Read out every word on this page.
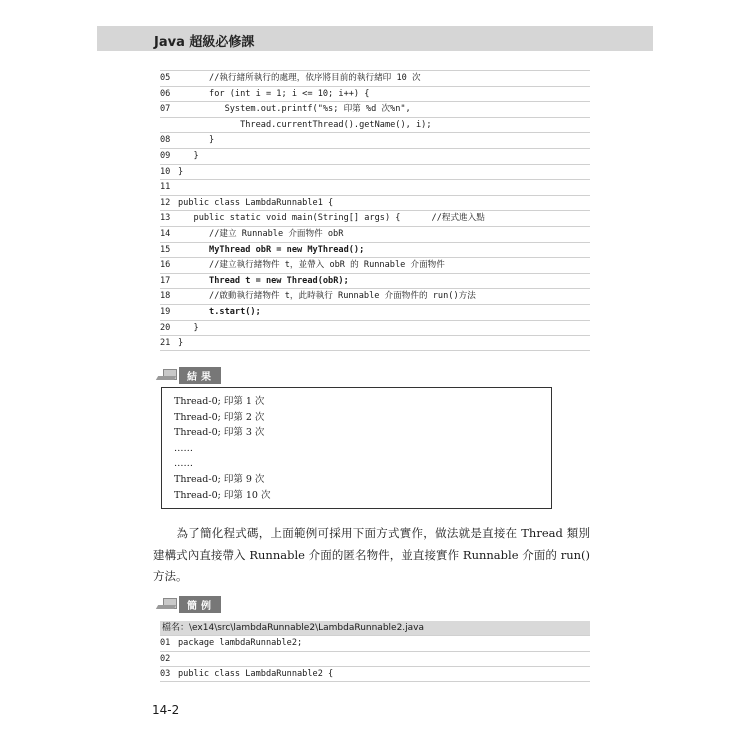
Java 超級必修課
05 //執行緒所執行的處理，依序將目前的執行緒印 10 次
06 for (int i = 1; i <= 10; i++) {
07 System.out.printf("%s; 印第 %d 次%n",
Thread.currentThread().getName(), i);
08 }
09 }
10 }
11
12 public class LambdaRunnable1 {
13 public static void main(String[] args) {      //程式進入點
14 //建立 Runnable 介面物件 obR
15 MyThread obR = new MyThread();
16 //建立執行緒物件 t，並帶入 obR 的 Runnable 介面物件
17 Thread t = new Thread(obR);
18 //啟動執行緒物件 t，此時執行 Runnable 介面物件的 run()方法
19 t.start();
20 }
21 }
結果
Thread-0; 印第 1 次
Thread-0; 印第 2 次
Thread-0; 印第 3 次
……
……
Thread-0; 印第 9 次
Thread-0; 印第 10 次

　　為了簡化程式碼，上面範例可採用下面方式實作，做法就是直接在 Thread 類別建構式內直接帶入 Runnable 介面的匿名物件，並直接實作 Runnable 介面的 run()方法。

簡例
檔名：\ex14\src\lambdaRunnable2\LambdaRunnable2.java
01 package lambdaRunnable2;
02
03 public class LambdaRunnable2 {
14-2
